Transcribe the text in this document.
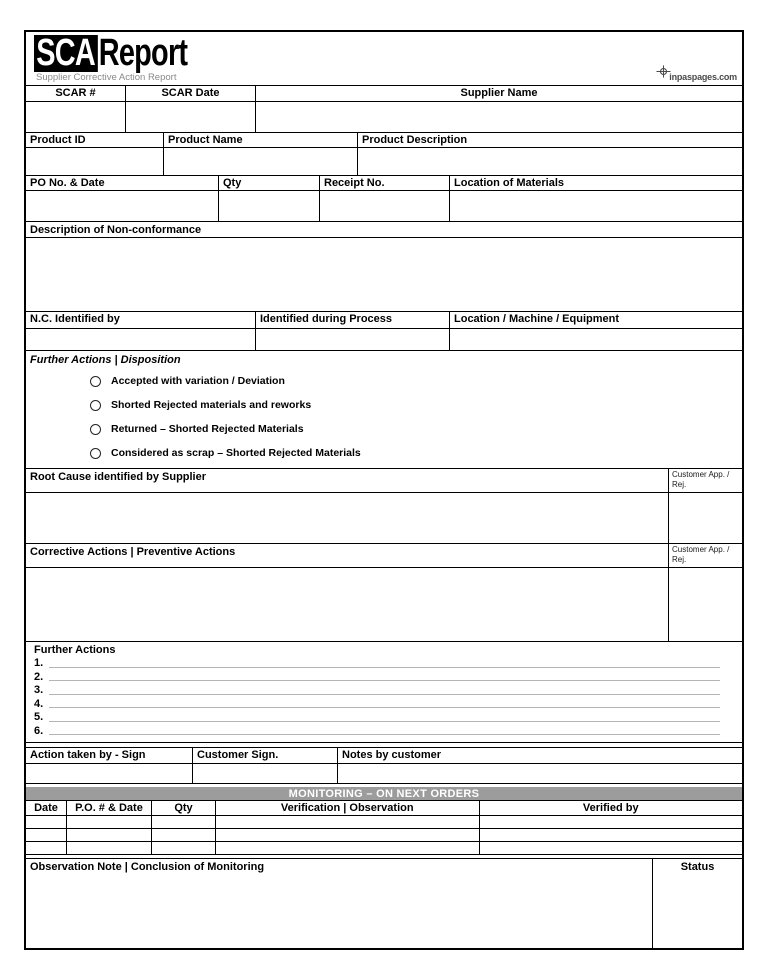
SCA Report
Supplier Corrective Action Report	inpaspages.com
SCAR #	SCAR Date	Supplier Name
Product ID	Product Name	Product Description
PO No. & Date	Qty	Receipt No.	Location of Materials
Description of Non-conformance
N.C. Identified by	Identified during Process	Location / Machine / Equipment
Further Actions | Disposition
Accepted with variation / Deviation
Shorted Rejected materials and reworks
Returned – Shorted Rejected Materials
Considered as scrap – Shorted Rejected Materials
Root Cause identified by Supplier	Customer App. / Rej.
Corrective Actions | Preventive Actions	Customer App. / Rej.
Further Actions
1.
2.
3.
4.
5.
6.
Action taken by - Sign	Customer Sign.	Notes by customer
MONITORING – ON NEXT ORDERS
Date	P.O. # & Date	Qty	Verification | Observation	Verified by
Observation Note | Conclusion of Monitoring	Status
